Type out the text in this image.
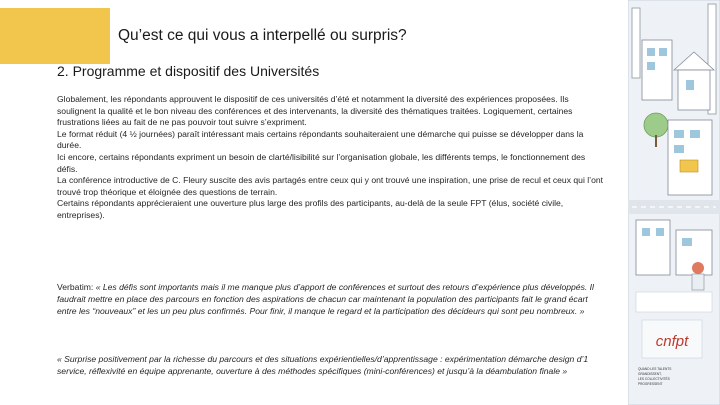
Qu’est ce qui vous a interpellé ou surpris?
2. Programme et dispositif des Universités

Globalement, les répondants approuvent le dispositif de ces universités d’été et notamment la diversité des expériences proposées. Ils soulignent la qualité et le bon niveau des conférences et des intervenants, la diversité des thématiques traitées. Logiquement, certaines frustrations liées au fait de ne pas pouvoir tout suivre s’expriment.

Le format réduit (4 ½ journées) paraît intéressant mais certains répondants souhaiteraient une démarche qui puisse se développer dans la durée.

Ici encore, certains répondants expriment un besoin de clarté/lisibilité sur l’organisation globale, les différents temps, le fonctionnement des défis.

La conférence introductive de C. Fleury suscite des avis partagés entre ceux qui y ont trouvé une inspiration, une prise de recul et ceux qui l’ont trouvé trop théorique et éloignée des questions de terrain.

Certains répondants apprécieraient une ouverture plus large des profils des participants, au-delà de la seule FPT (élus, société civile, entreprises).

Verbatim: « Les défis sont importants mais il me manque plus d’apport de conférences et surtout des retours d’expérience plus développés. Il faudrait mettre en place des parcours en fonction des aspirations de chacun car maintenant la population des participants fait le grand écart entre les “nouveaux” et les un peu plus confirmés. Pour finir, il manque le regard et la participation des décideurs qui sont peu nombreux. »
« Surprise positivement par la richesse du parcours et des situations expérientielles/d’apprentissage : expérimentation démarche design d’1 service, réflexivité en équipe apprenante, ouverture à des méthodes spécifiques (mini-conférences) et jusqu’à la déambulation finale »
cnfpt
QUAND LES TALENTS
GRANDISSENT,
LES COLLECTIVITÉS
PROGRESSENT
